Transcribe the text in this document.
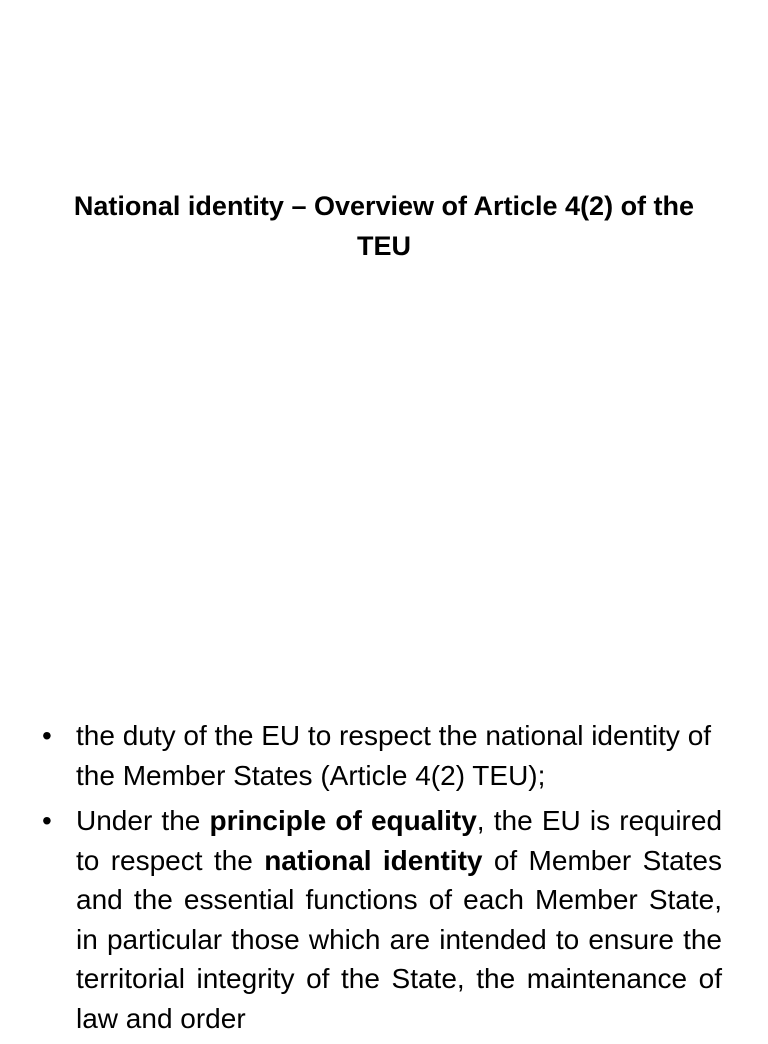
National identity – Overview of Article 4(2) of the TEU
• the duty of the EU to respect the national identity of the Member States (Article 4(2) TEU);
• Under the principle of equality, the EU is required to respect the national identity of Member States and the essential functions of each Member State, in particular those which are intended to ensure the territorial integrity of the State, the maintenance of law and order
